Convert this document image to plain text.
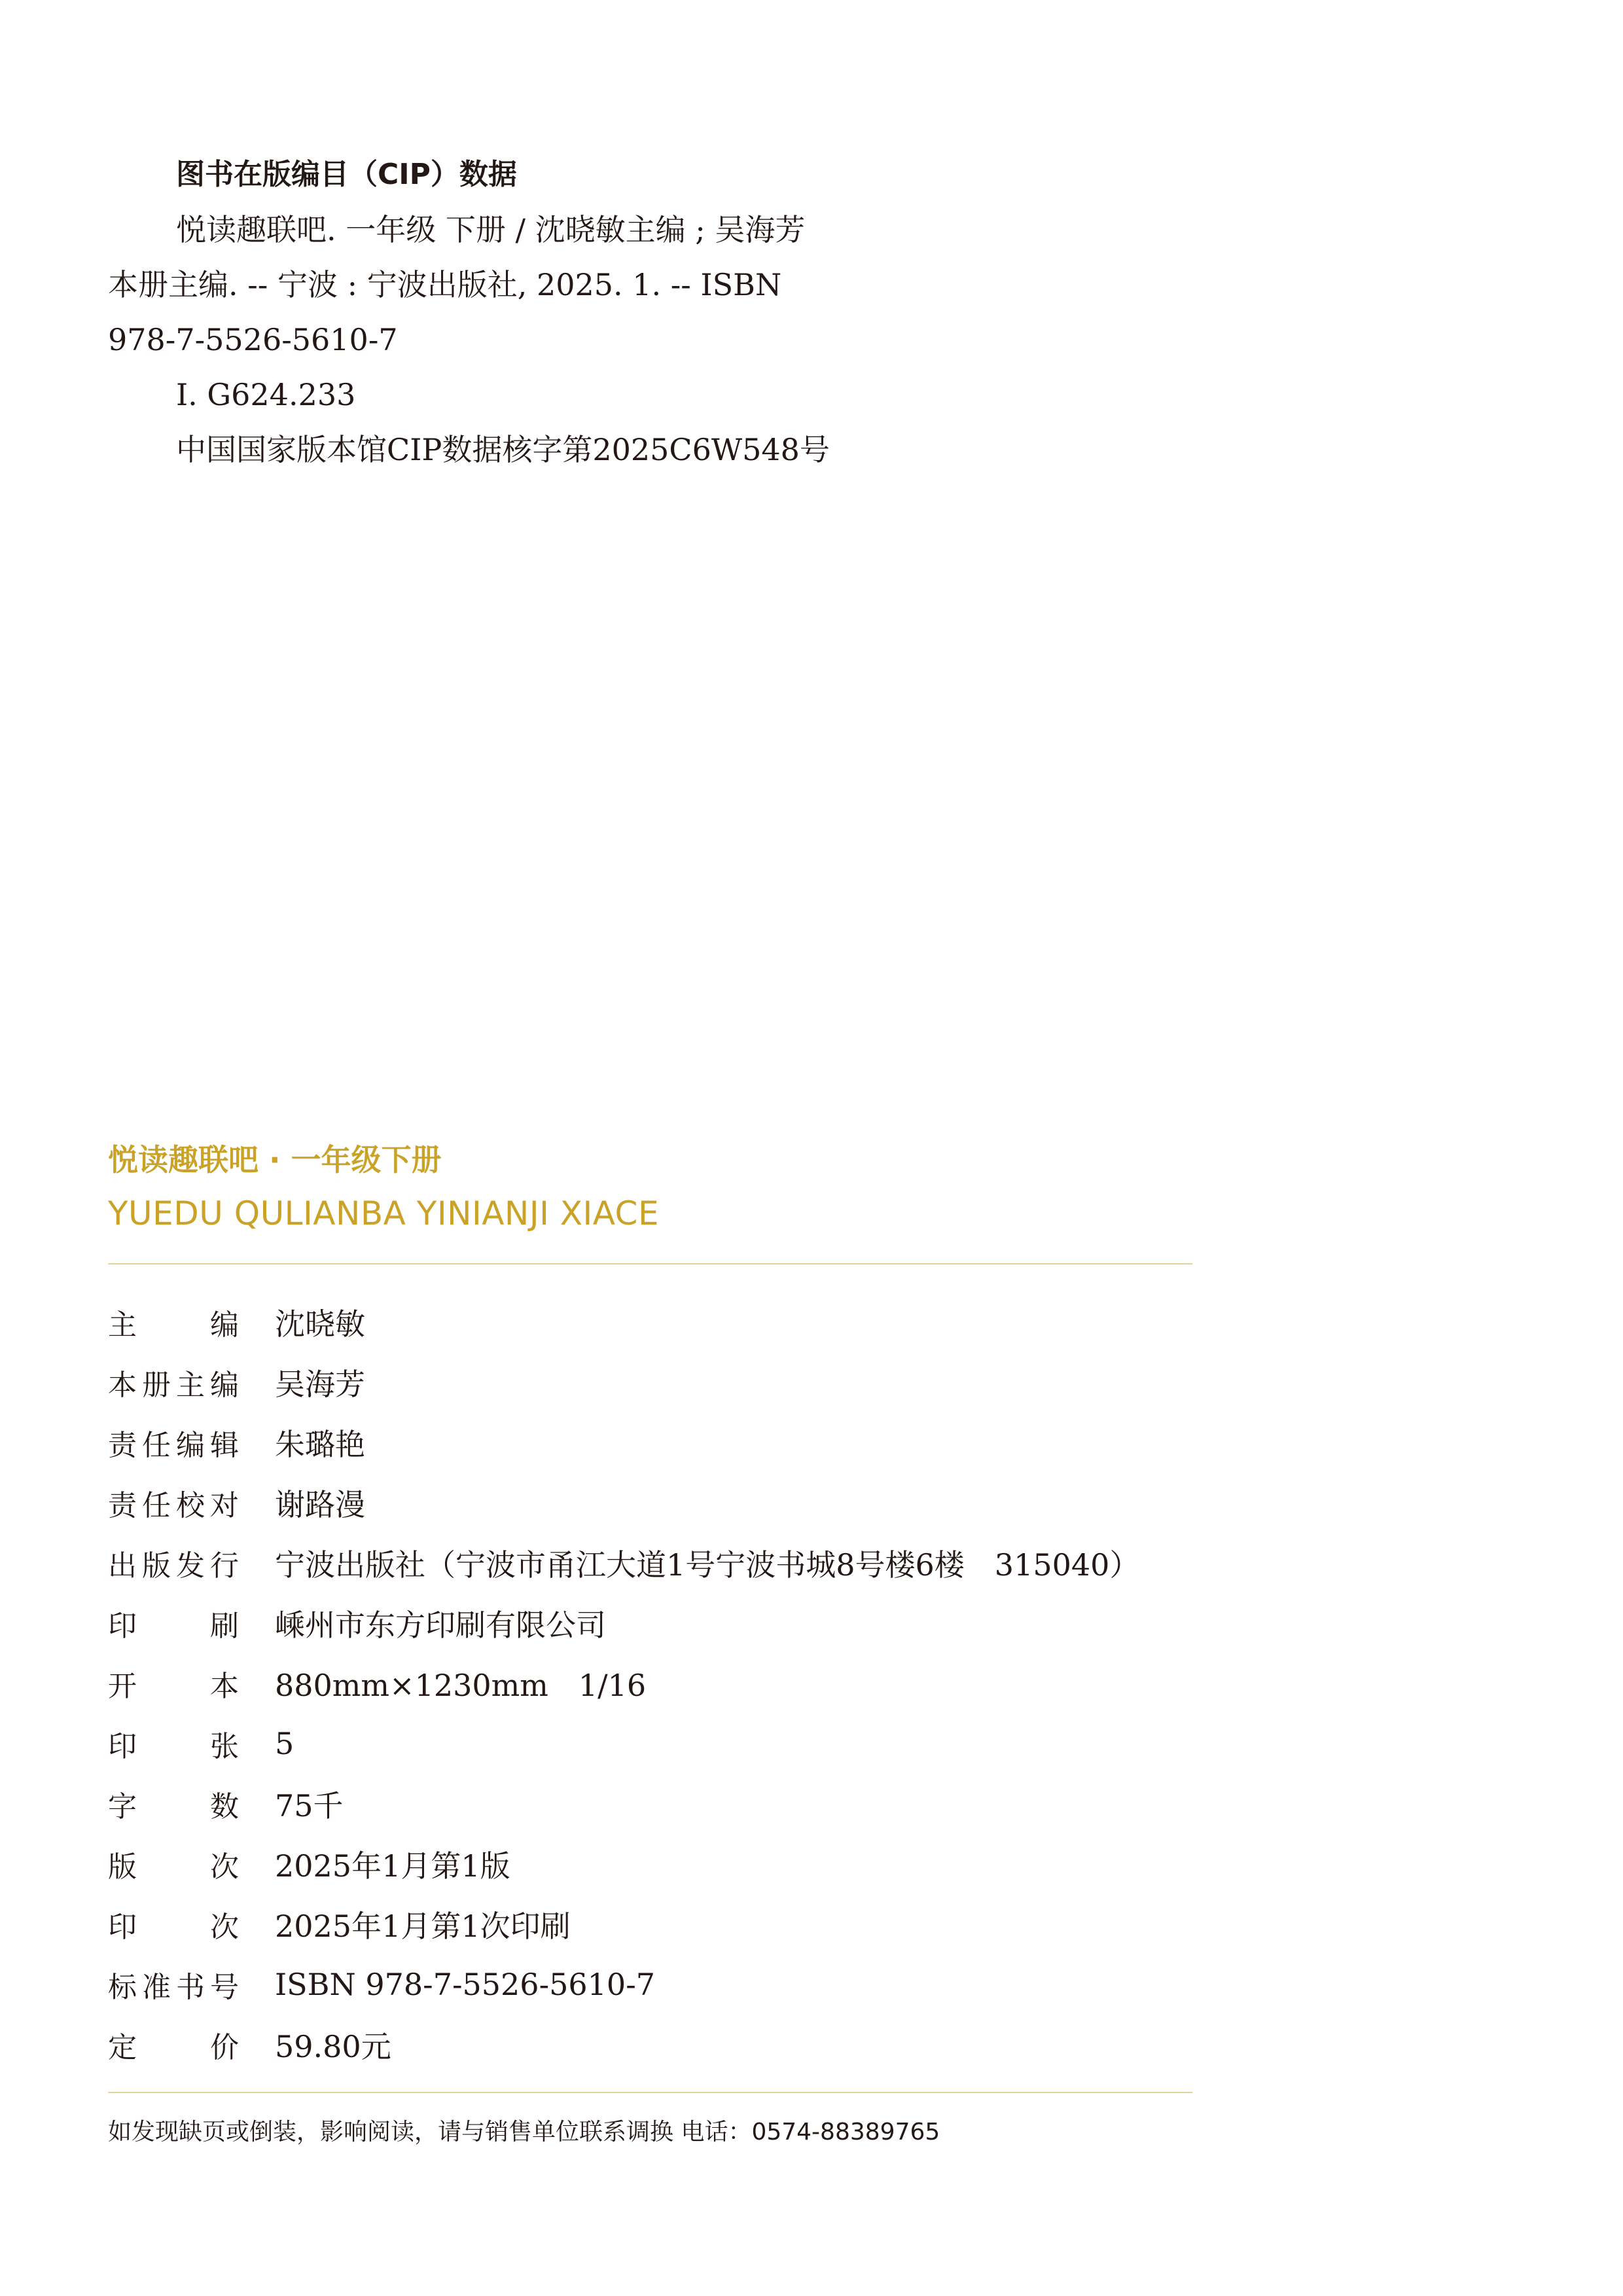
图书在版编目（CIP）数据
悦读趣联吧. 一年级 下册 / 沈晓敏主编 ; 吴海芳
本册主编. -- 宁波 : 宁波出版社, 2025. 1. -- ISBN
978-7-5526-5610-7
Ⅰ. G624.233
中国国家版本馆CIP数据核字第2025C6W548号
悦读趣联吧 · 一年级下册
YUEDU QULIANBA YINIANJI XIACE
主	编 沈晓敏
本 册 主 编 吴海芳
责 任 编 辑 朱璐艳
责 任 校 对 谢路漫
出 版 发 行 宁波出版社（宁波市甬江大道1号宁波书城8号楼6楼　315040）
印	刷 嵊州市东方印刷有限公司
开	本 880mm×1230mm　1/16
印	张 5
字	数 75千
版	次 2025年1月第1版
印	次 2025年1月第1次印刷
标 准 书 号 ISBN 978-7-5526-5610-7
定	价 59.80元
如发现缺页或倒装，影响阅读，请与销售单位联系调换 电话：0574-88389765
